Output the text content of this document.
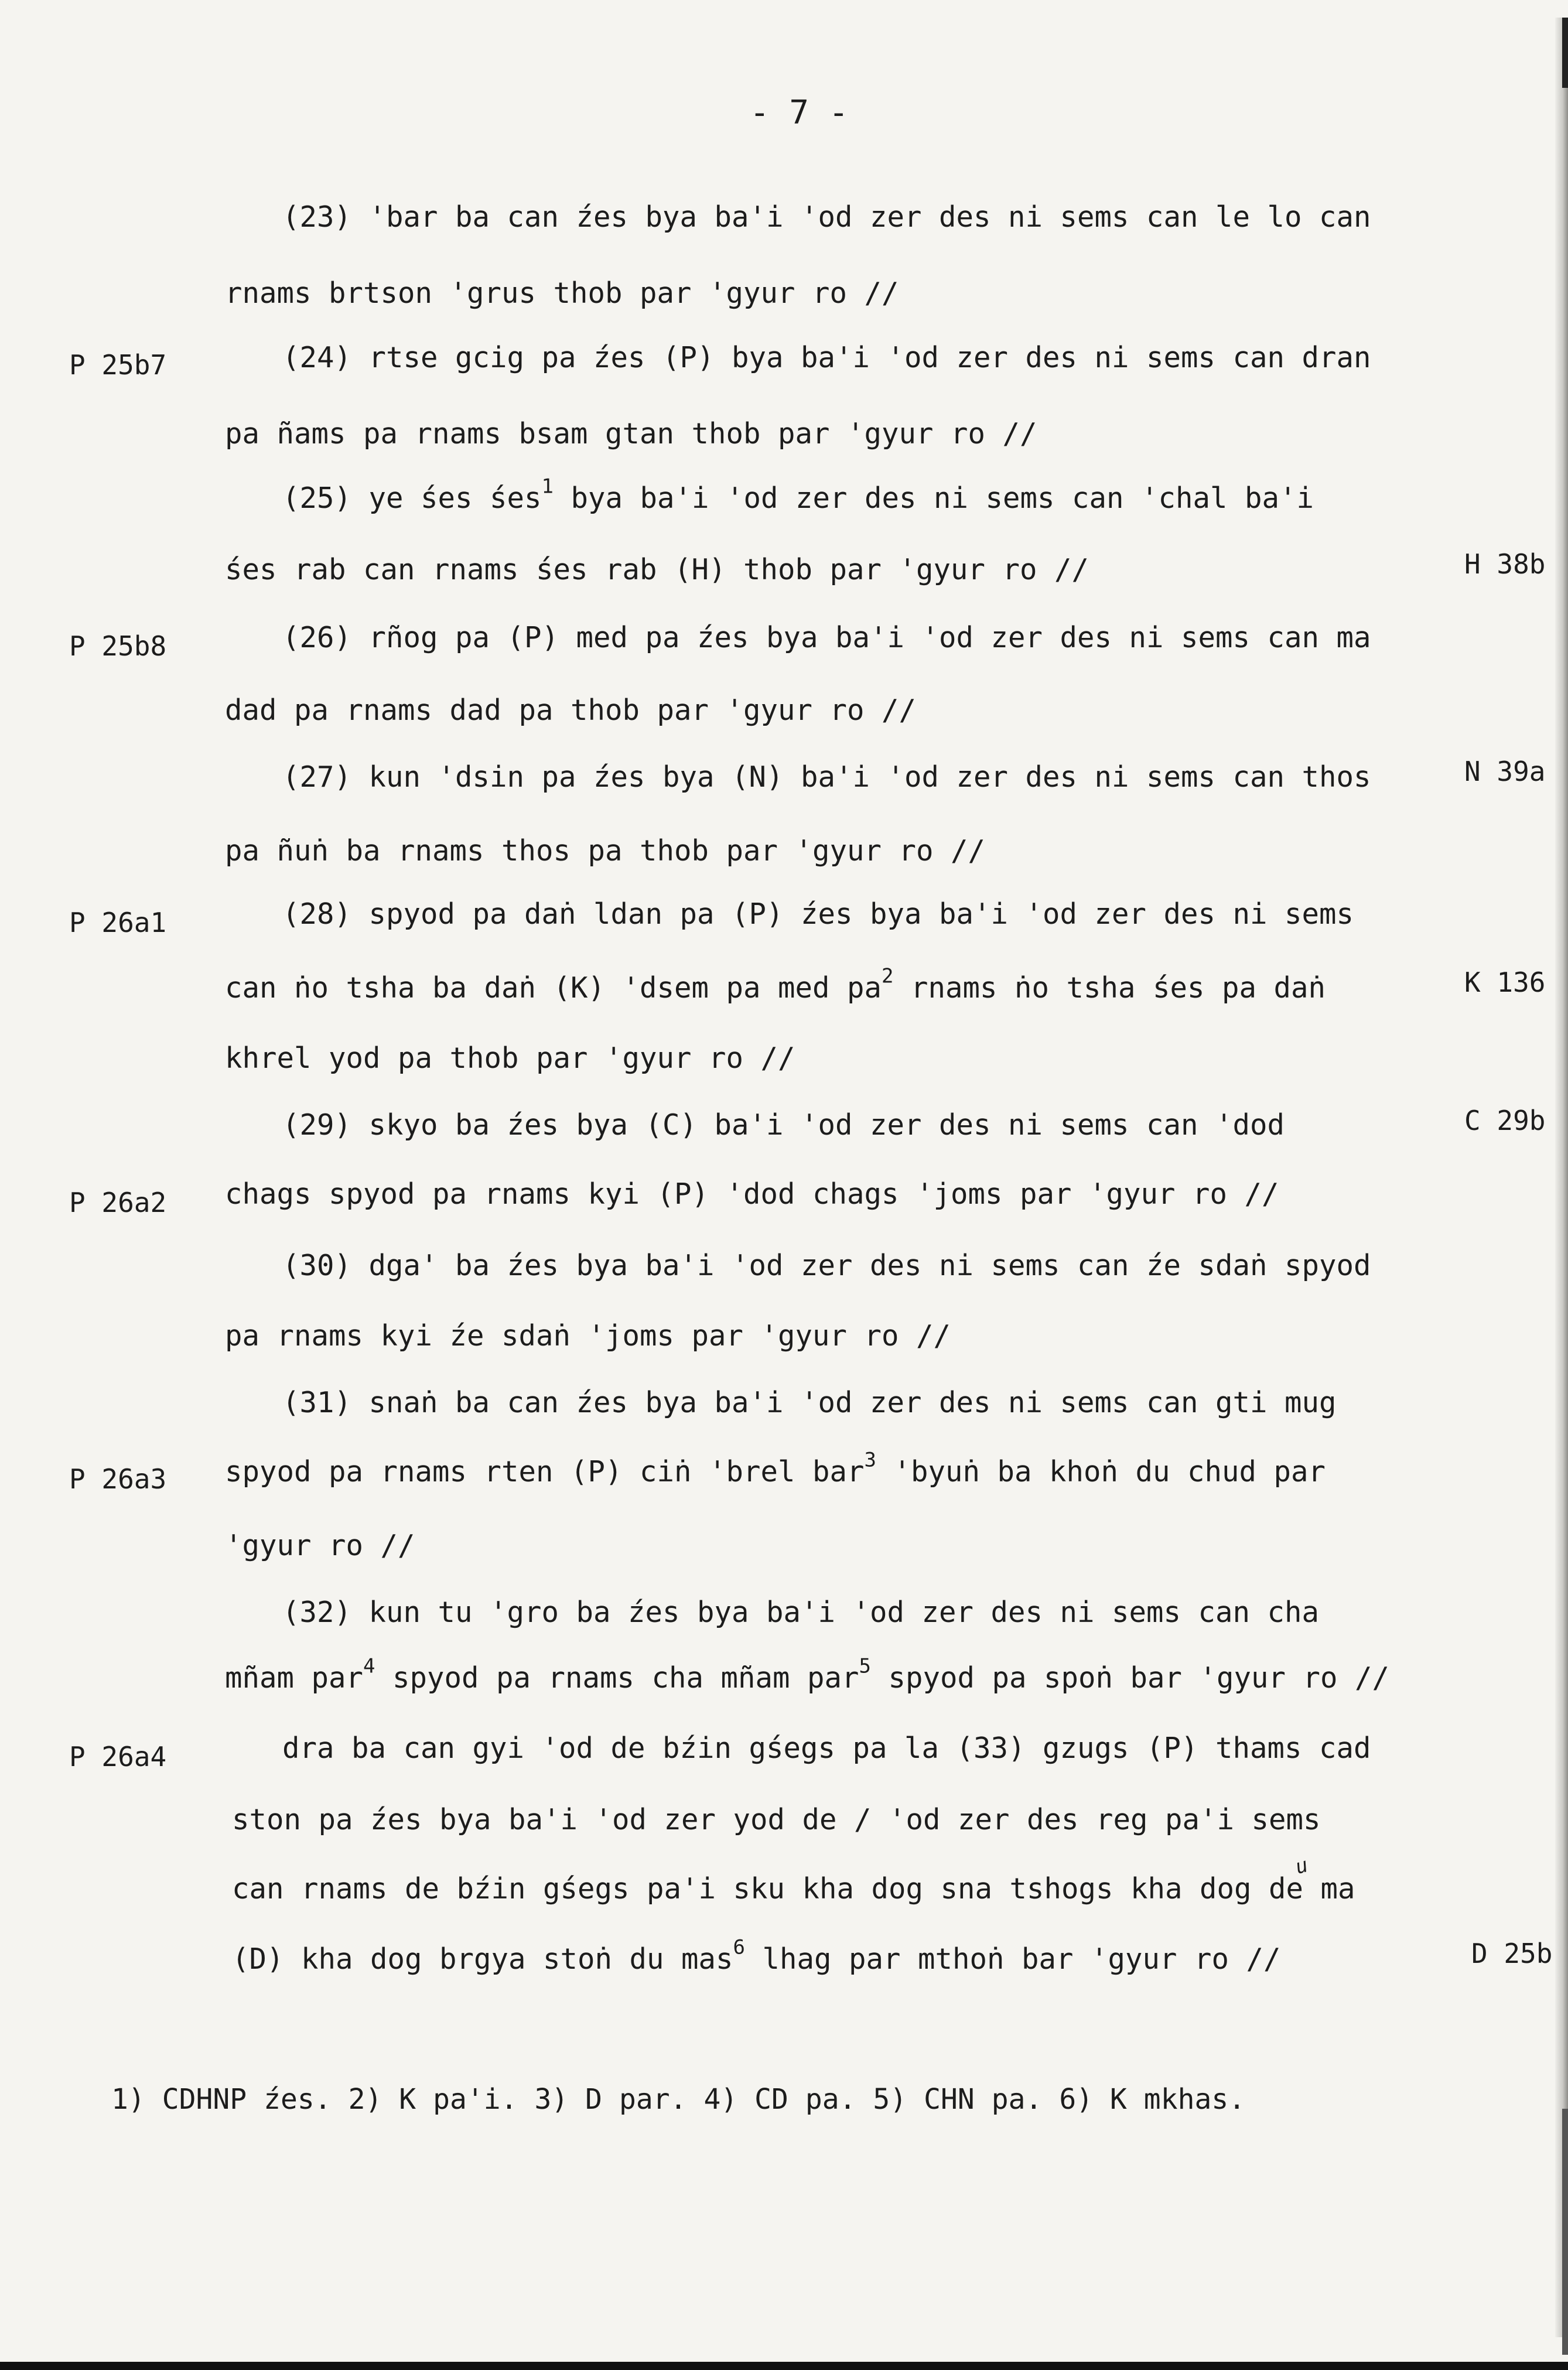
- 7 -
(23) 'bar ba can źes bya ba'i 'od zer des ni sems can le lo can
rnams brtson 'grus thob par 'gyur ro //
P 25b7	(24) rtse gcig pa źes (P) bya ba'i 'od zer des ni sems can dran
pa ñams pa rnams bsam gtan thob par 'gyur ro //
(25) ye śes śes$^1$ bya ba'i 'od zer des ni sems can 'chal ba'i
śes rab can rnams śes rab (H) thob par 'gyur ro //	H 38b
P 25b8	(26) rñog pa (P) med pa źes bya ba'i 'od zer des ni sems can ma
dad pa rnams dad pa thob par 'gyur ro //
(27) kun 'dsin pa źes bya (N) ba'i 'od zer des ni sems can thos	N 39a
pa ñuṅ ba rnams thos pa thob par 'gyur ro //
P 26a1	(28) spyod pa daṅ ldan pa (P) źes bya ba'i 'od zer des ni sems
can ṅo tsha ba daṅ (K) 'dsem pa med $pa^2$ rnams ṅo tsha śes pa daṅ	K 136
khrel yod pa thob par 'gyur ro //
(29) skyo ba źes bya (C) ba'i 'od zer des ni sems can 'dod	C 29b
P 26a2 chags spyod pa rnams kyi (P) 'dod chags 'joms par 'gyur ro //
(30) dga' ba źes bya ba'i 'od zer des ni sems can źe sdaṅ spyod
pa rnams kyi źe sdaṅ 'joms par 'gyur ro //
(31) snaṅ ba can źes bya ba'i 'od zer des ni sems can gti mug
P 26a3 spyod pa rnams rten (P) ciṅ 'brel bar$^3$ 'byuṅ ba khoṅ du chud par
'gyur ro //
(32) kun tu 'gro ba źes bya ba'i 'od zer des ni sems can cha
mñam par$^4$ spyod pa rnams cha mñam par$^5$ spyod pa spoṅ bar 'gyur ro //
P 26a4	dra ba can gyi 'od de bźin gśegs pa la (33) gzugs (P) thams cad
ston pa źes bya ba'i 'od zer yod de / 'od zer des reg pa'i sems
u
can rnams de bźin gśegs pa'i sku kha dog sna tshogs kha dog de ma
(D) kha dog brgya stoṅ du mas$^6$ lhag par mthoṅ bar 'gyur ro //	D 25b
1) CDHNP źes. 2) K pa'i. 3) D par. 4) CD pa. 5) CHN pa. 6) K mkhas.
